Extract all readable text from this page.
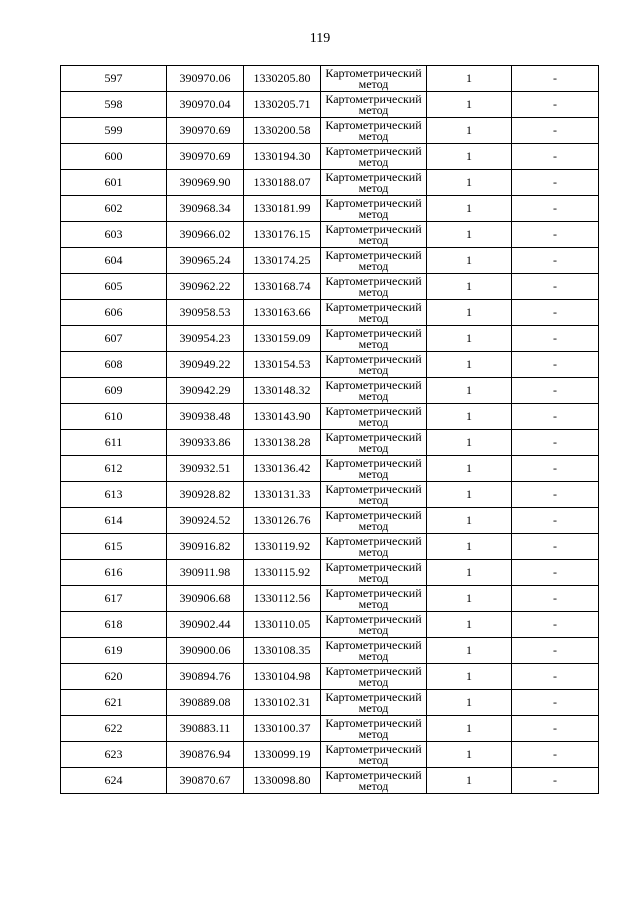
119
597	390970.06	1330205.80	Картометрический
метод	1	-
598	390970.04	1330205.71	Картометрический
метод	1	-
599	390970.69	1330200.58	Картометрический
метод	1	-
600	390970.69	1330194.30	Картометрический
метод	1	-
601	390969.90	1330188.07	Картометрический
метод	1	-
602	390968.34	1330181.99	Картометрический
метод	1	-
603	390966.02	1330176.15	Картометрический
метод	1	-
604	390965.24	1330174.25	Картометрический
метод	1	-
605	390962.22	1330168.74	Картометрический
метод	1	-
606	390958.53	1330163.66	Картометрический
метод	1	-
607	390954.23	1330159.09	Картометрический
метод	1	-
608	390949.22	1330154.53	Картометрический
метод	1	-
609	390942.29	1330148.32	Картометрический
метод	1	-
610	390938.48	1330143.90	Картометрический
метод	1	-
611	390933.86	1330138.28	Картометрический
метод	1	-
612	390932.51	1330136.42	Картометрический
метод	1	-
613	390928.82	1330131.33	Картометрический
метод	1	-
614	390924.52	1330126.76	Картометрический
метод	1	-
615	390916.82	1330119.92	Картометрический
метод	1	-
616	390911.98	1330115.92	Картометрический
метод	1	-
617	390906.68	1330112.56	Картометрический
метод	1	-
618	390902.44	1330110.05	Картометрический
метод	1	-
619	390900.06	1330108.35	Картометрический
метод	1	-
620	390894.76	1330104.98	Картометрический
метод	1	-
621	390889.08	1330102.31	Картометрический
метод	1	-
622	390883.11	1330100.37	Картометрический
метод	1	-
623	390876.94	1330099.19	Картометрический
метод	1	-
624	390870.67	1330098.80	Картометрический
метод	1	-
